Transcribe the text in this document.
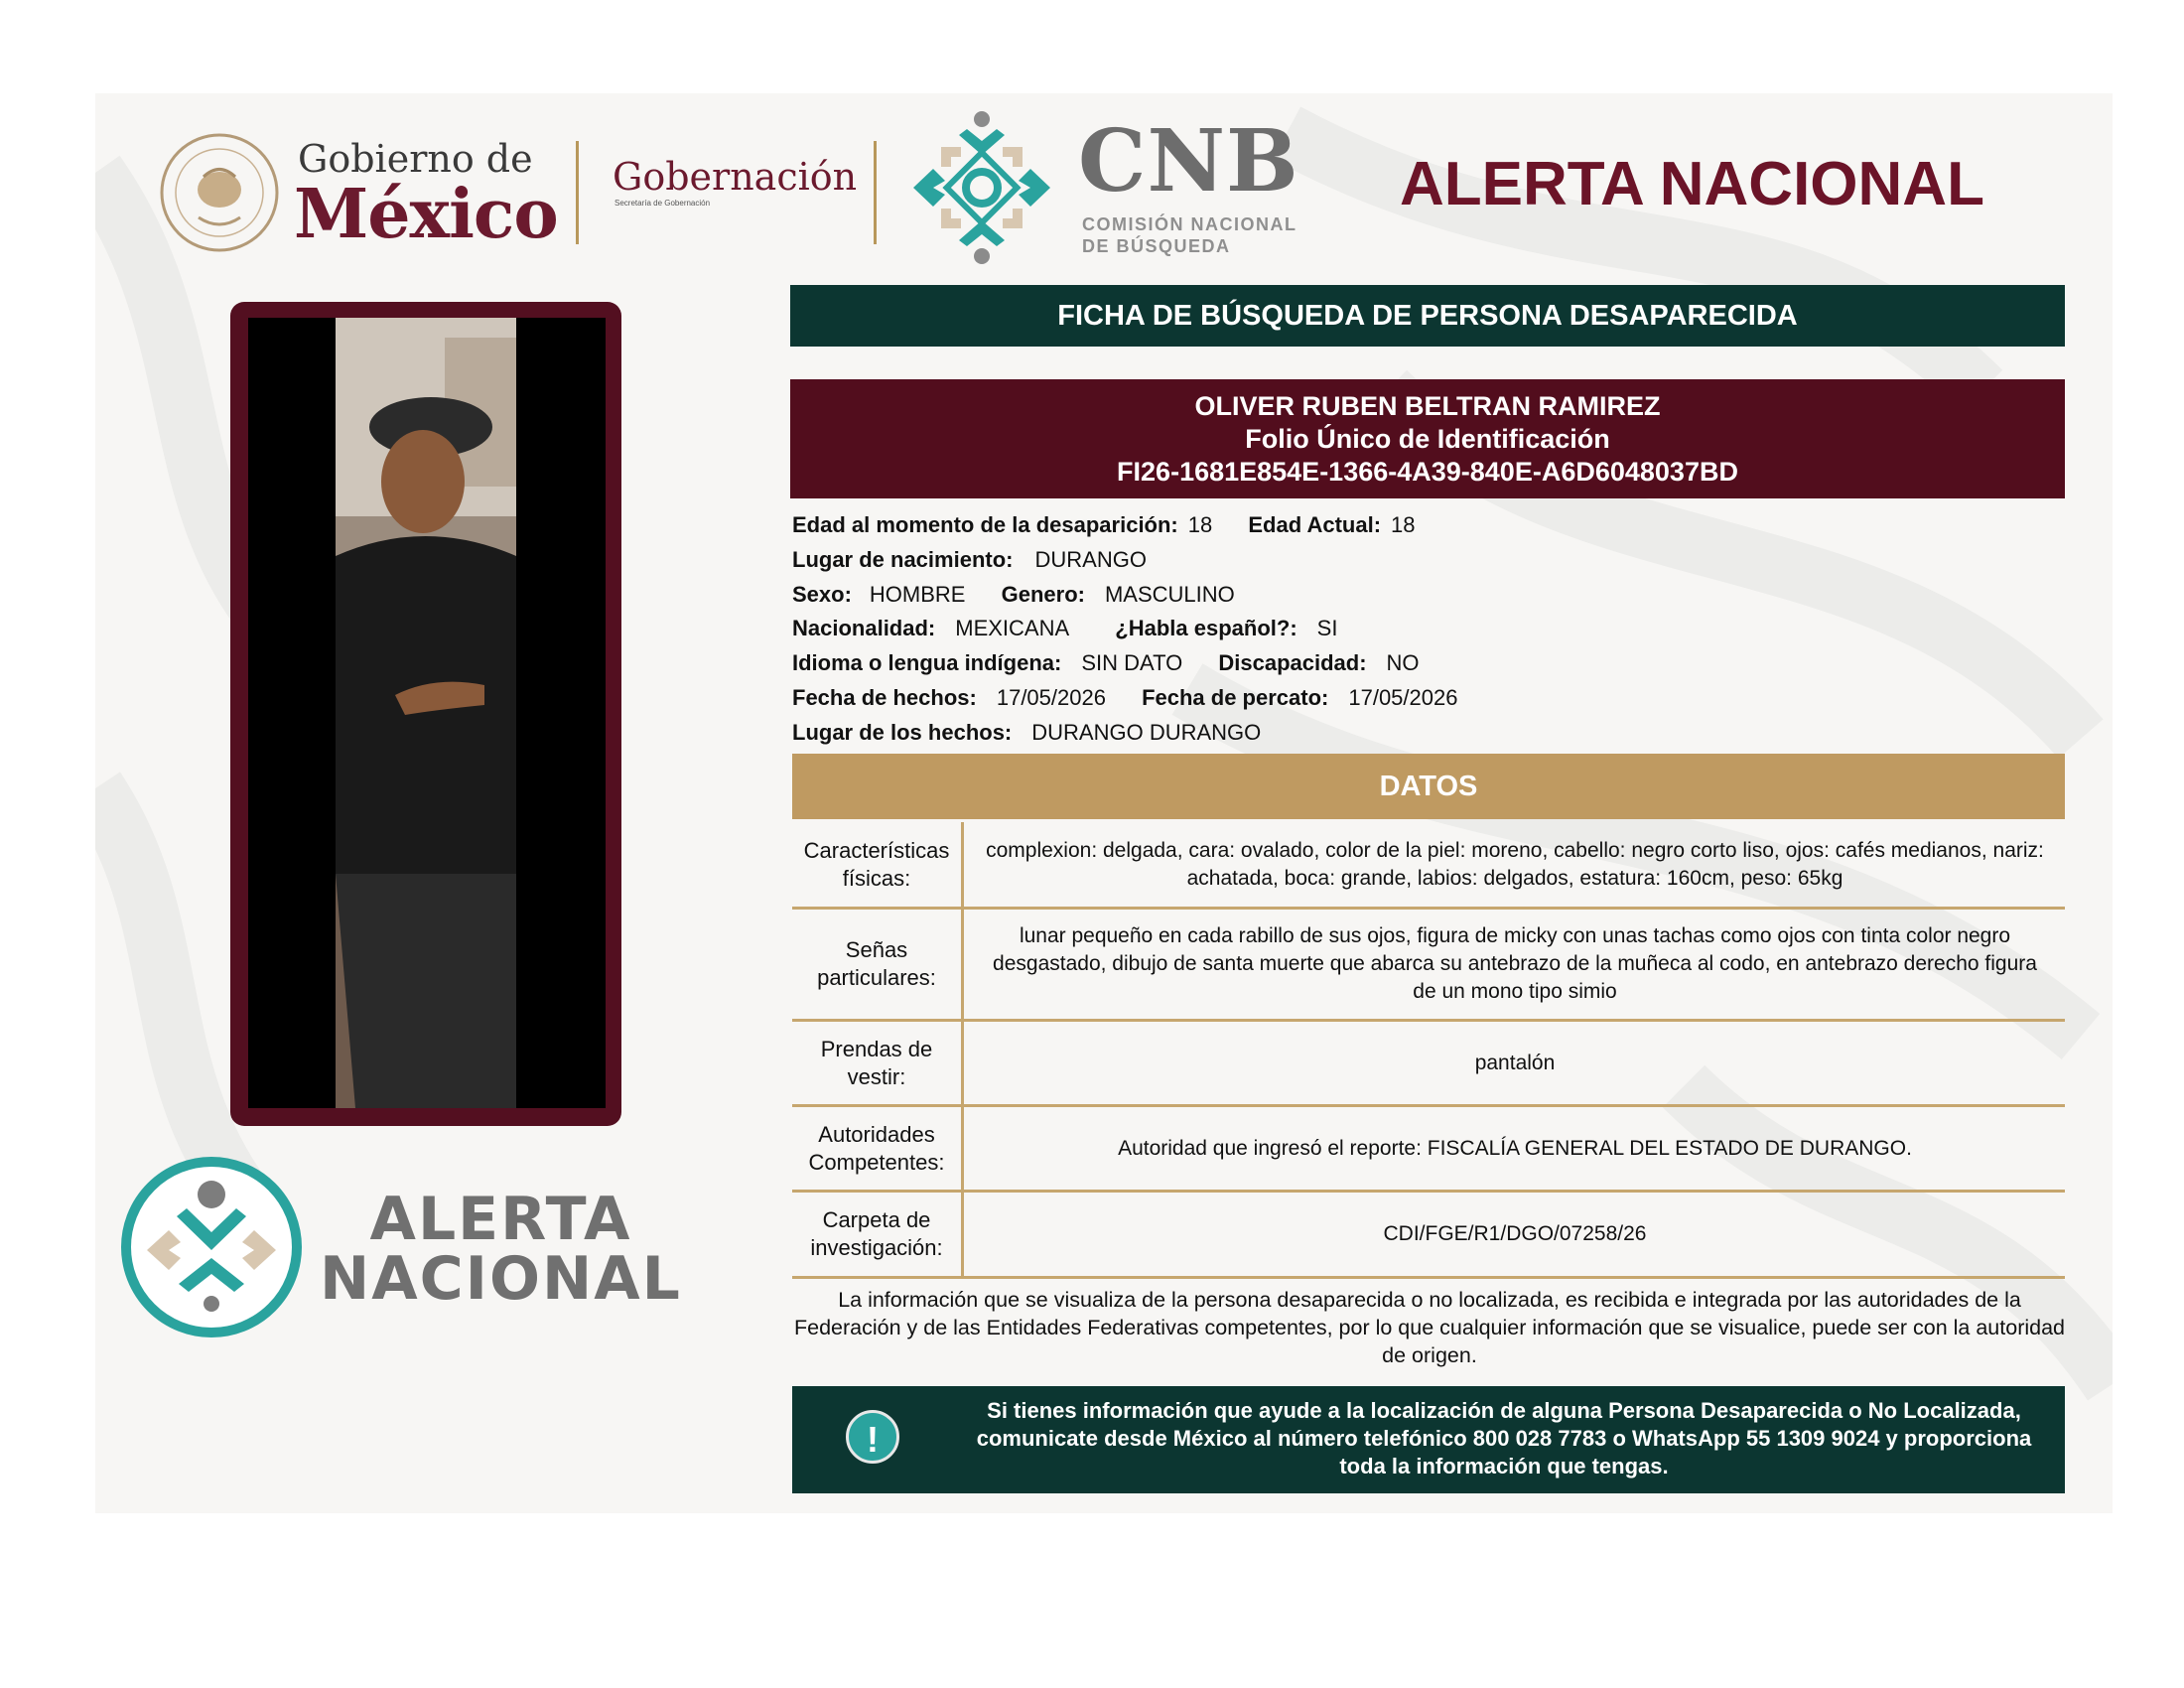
Gobierno de
México Gobernación
Secretaría de Gobernación	CNB
COMISIÓN NACIONAL
DE BÚSQUEDA
ALERTA NACIONAL
ALERTA
NACIONAL
FICHA DE BÚSQUEDA DE PERSONA DESAPARECIDA
OLIVER RUBEN BELTRAN RAMIREZ
Folio Único de Identificación
FI26-1681E854E-1366-4A39-840E-A6D6048037BD
Edad al momento de la desaparición: 18 Edad Actual: 18
Lugar de nacimiento: DURANGO
Sexo: HOMBRE Genero: MASCULINO
Nacionalidad: MEXICANA ¿Habla español?: SI
Idioma o lengua indígena: SIN DATO Discapacidad: NO
Fecha de hechos: 17/05/2026 Fecha de percato: 17/05/2026
Lugar de los hechos: DURANGO DURANGO
DATOS
Características físicas:
complexion: delgada, cara: ovalado, color de la piel: moreno, cabello: negro corto liso, ojos: cafés medianos, nariz: achatada, boca: grande, labios: delgados, estatura: 160cm, peso: 65kg
Señas particulares:
lunar pequeño en cada rabillo de sus ojos, figura de micky con unas tachas como ojos con tinta color negro desgastado, dibujo de santa muerte que abarca su antebrazo de la muñeca al codo, en antebrazo derecho figura de un mono tipo simio
Prendas de vestir:
pantalón
Autoridades Competentes:
Autoridad que ingresó el reporte: FISCALÍA GENERAL DEL ESTADO DE DURANGO.
Carpeta de investigación:
CDI/FGE/R1/DGO/07258/26
La información que se visualiza de la persona desaparecida o no localizada, es recibida e integrada por las autoridades de la Federación y de las Entidades Federativas competentes, por lo que cualquier información que se visualice, puede ser con la autoridad de origen.
!
Si tienes información que ayude a la localización de alguna Persona Desaparecida o No Localizada, comunicate desde México al número telefónico 800 028 7783 o WhatsApp 55 1309 9024 y proporciona toda la información que tengas.
